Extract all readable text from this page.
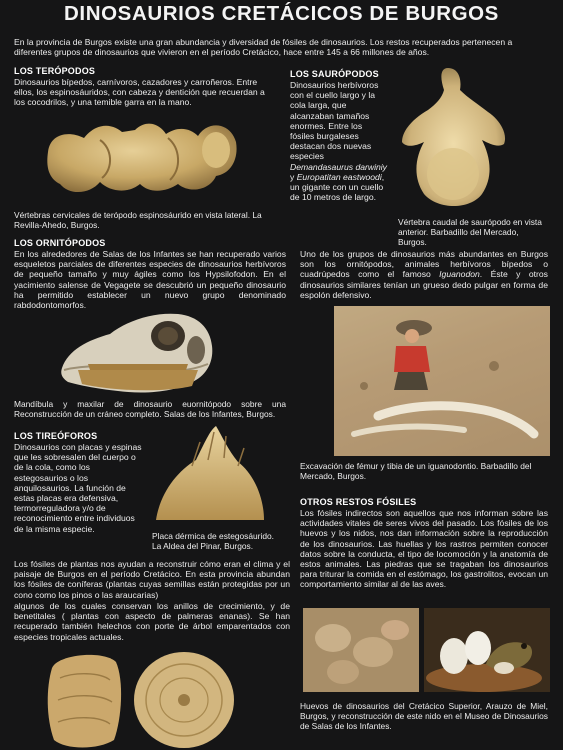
DINOSAURIOS CRETÁCICOS DE BURGOS
En la provincia de Burgos existe una gran abundancia y diversidad de fósiles de dinosaurios. Los restos recuperados pertenecen a diferentes grupos de dinosaurios que vivieron en el período Cretácico, hace entre 145 a 66 millones de años.
LOS TERÓPODOS
Dinosaurios bípedos, carnívoros, cazadores y carroñeros. Entre ellos, los espinosáuridos, con cabeza y dentición que recuerdan a los cocodrilos, y una temible garra en la mano.
Vértebras cervicales de terópodo espinosáurido en vista lateral. La Revilla-Ahedo, Burgos.
LOS SAURÓPODOS
Dinosaurios herbívoros con el cuello largo y la cola larga, que alcanzaban tamaños enormes. Entre los fósiles burgaleses destacan dos nuevas especies Demandasaurus darwiniy y Europatitan eastwoodi, un gigante con un cuello de 10 metros de largo.
Vértebra caudal de saurópodo en vista anterior. Barbadillo del Mercado, Burgos.
LOS ORNITÓPODOS
En los alrededores de Salas de los Infantes se han recuperado varios esqueletos parciales de diferentes especies de dinosaurios herbívoros de pequeño tamaño y muy ágiles como los Hypsilofodon. En el yacimiento salense de Vegagete se descubrió un pequeño dinosaurio ha permitido establecer un nuevo grupo denominado rabdodontomorfos.
Uno de los grupos de dinosaurios más abundantes en Burgos son los ornitópodos, animales herbívoros bípedos o cuadrúpedos como el famoso Iguanodon. Éste y otros dinosaurios similares tenían un grueso dedo pulgar en forma de espolón defensivo.
Mandíbula y maxilar de dinosaurio euornitópodo sobre una Reconstrucción de un cráneo completo. Salas de los Infantes, Burgos.
Excavación de fémur y tibia de un iguanodontio. Barbadillo del Mercado, Burgos.
LOS TIREÓFOROS
Dinosaurios con placas y espinas que les sobresalen del cuerpo o de la cola, como los estegosaurios o los anquilosaurios. La función de estas placas era defensiva, termorreguladora y/o de reconocimiento entre individuos de la misma especie.
Placa dérmica de estegosáurido.
La Aldea del Pinar, Burgos.
Los fósiles de plantas nos ayudan a reconstruir cómo eran el clima y el paisaje de Burgos en el período Cretácico. En esta provincia abundan los fósiles de coníferas (plantas cuyas semillas están protegidas por un cono como los pinos o las araucarias)
algunos de los cuales conservan los anillos de crecimiento, y de benetitales ( plantas con aspecto de palmeras enanas). Se han recuperado también helechos con porte de árbol emparentados con especies tropicales actuales.
OTROS RESTOS FÓSILES
Los fósiles indirectos son aquellos que nos informan sobre las actividades vitales de seres vivos del pasado. Los fósiles de los huevos y los nidos, nos dan información sobre la reproducción de los dinosaurios. Las huellas y los rastros permiten conocer datos sobre la conducta, el tipo de locomoción y la anatomía de estos animales. Las piedras que se tragaban los dinosaurios para triturar la comida en el estómago, los gastrolitos, evocan un comportamiento similar al de las aves.
Huevos de dinosaurios del Cretácico Superior, Arauzo de Miel, Burgos, y reconstrucción de este nido en el Museo de Dinosaurios de Salas de los Infantes.
